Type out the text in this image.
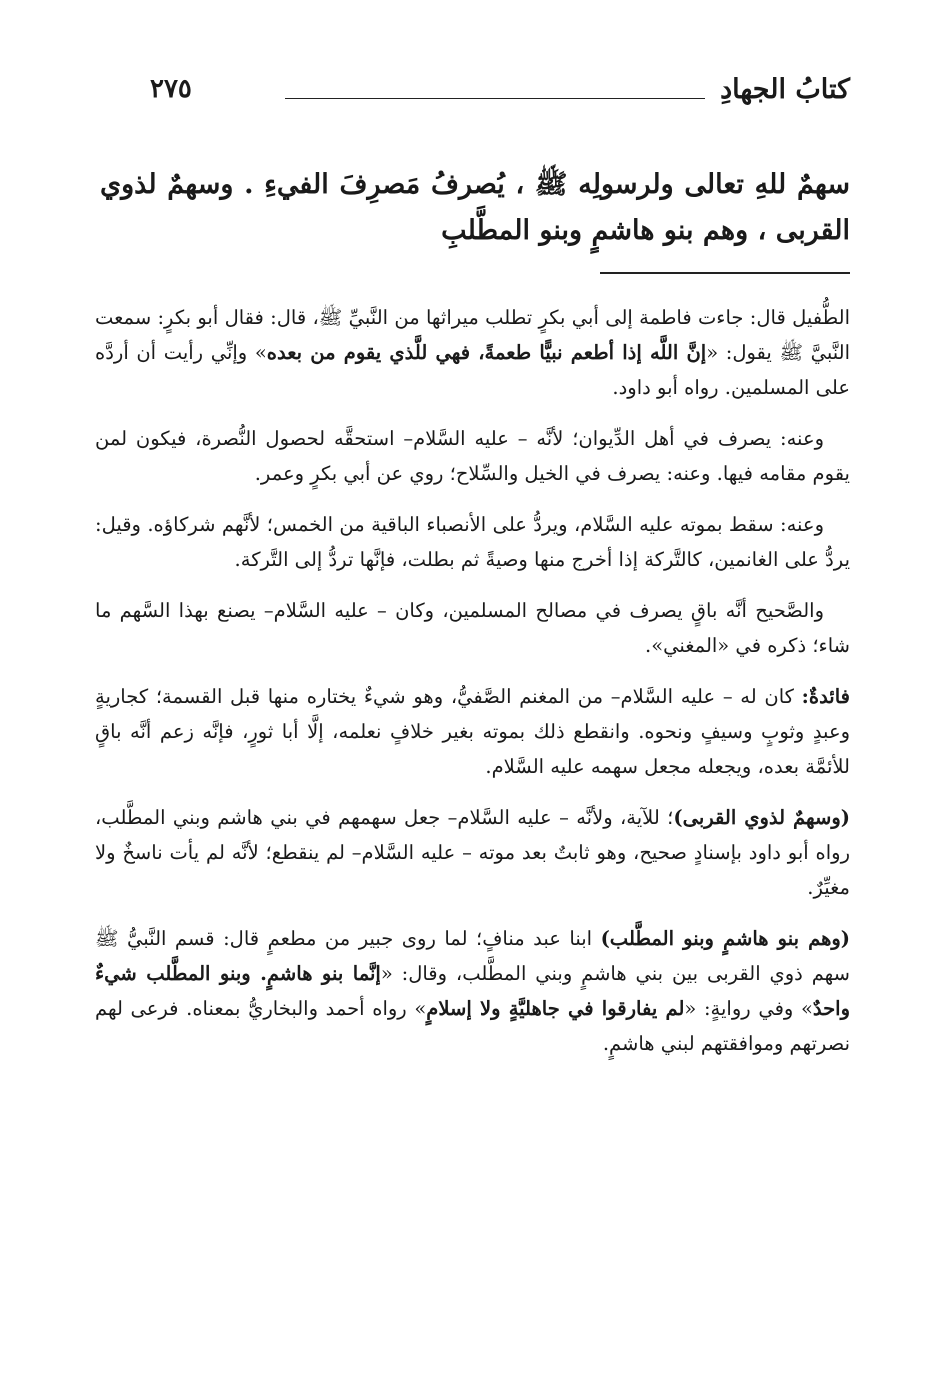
كتابُ الجهادِ
٢٧٥
سهمٌ للهِ تعالى ولرسولِه ﷺ ، يُصرفُ مَصرِفَ الفيءِ . وسهمٌ لذوي القربى ، وهم بنو هاشمٍ وبنو المطَّلبِ

الطُّفيل قال: جاءت فاطمة إلى أبي بكرٍ تطلب ميراثها من النَّبيِّ ﷺ، قال: فقال أبو بكرٍ: سمعت النَّبيَّ ﷺ يقول: «إنَّ اللَّه إذا أطعم نبيًّا طعمةً، فهي للَّذي يقوم من بعده» وإنِّي رأيت أن أردَّه على المسلمين. رواه أبو داود.

وعنه: يصرف في أهل الدِّيوان؛ لأنَّه – عليه السَّلام– استحقَّه لحصول النُّصرة، فيكون لمن يقوم مقامه فيها. وعنه: يصرف في الخيل والسِّلاح؛ روي عن أبي بكرٍ وعمر.

وعنه: سقط بموته عليه السَّلام، ويردُّ على الأنصباء الباقية من الخمس؛ لأنَّهم شركاؤه. وقيل: يردُّ على الغانمين، كالتَّركة إذا أخرج منها وصيةً ثم بطلت، فإنَّها تردُّ إلى التَّركة.

والصَّحيح أنَّه باقٍ يصرف في مصالح المسلمين، وكان – عليه السَّلام– يصنع بهذا السَّهم ما شاء؛ ذكره في «المغني».

فائدةٌ: كان له – عليه السَّلام– من المغنم الصَّفيُّ، وهو شيءٌ يختاره منها قبل القسمة؛ كجاريةٍ وعبدٍ وثوبٍ وسيفٍ ونحوه. وانقطع ذلك بموته بغير خلافٍ نعلمه، إلَّا أبا ثورٍ، فإنَّه زعم أنَّه باقٍ للأئمَّة بعده، ويجعله مجعل سهمه عليه السَّلام.

(وسهمٌ لذوي القربى)؛ للآية، ولأنَّه – عليه السَّلام– جعل سهمهم في بني هاشم وبني المطَّلب، رواه أبو داود بإسنادٍ صحيح، وهو ثابتٌ بعد موته – عليه السَّلام– لم ينقطع؛ لأنَّه لم يأت ناسخٌ ولا مغيِّرٌ.

(وهم بنو هاشمٍ وبنو المطَّلب) ابنا عبد منافٍ؛ لما روى جبير من مطعمٍ قال: قسم النَّبيُّ ﷺ سهم ذوي القربى بين بني هاشمٍ وبني المطَّلب، وقال: «إنَّما بنو هاشمٍ. وبنو المطَّلب شيءٌ واحدٌ» وفي روايةٍ: «لم يفارقوا في جاهليَّةٍ ولا إسلامٍ» رواه أحمد والبخاريُّ بمعناه. فرعى لهم نصرتهم وموافقتهم لبني هاشمٍ.
